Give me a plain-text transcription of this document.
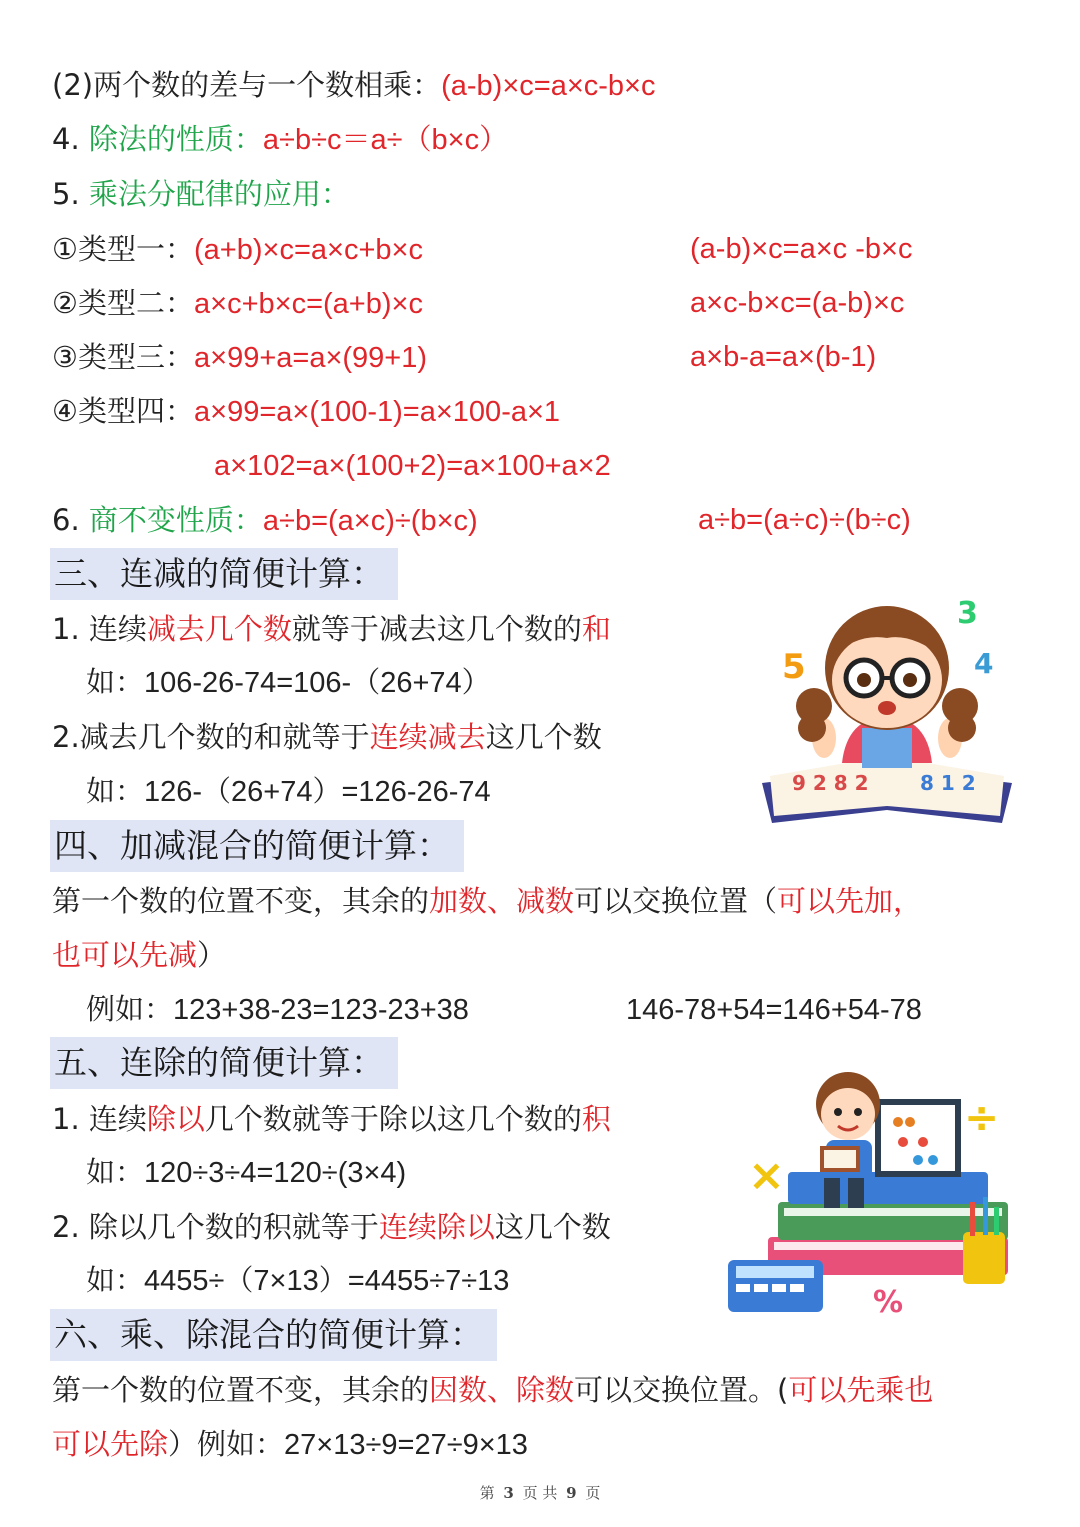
(2)两个数的差与一个数相乘：(a-b)×c=a×c-b×c
4. 除法的性质：a÷b÷c＝a÷（b×c）
5. 乘法分配律的应用：
①类型一：(a+b)×c=a×c+b×c	(a-b)×c=a×c -b×c
②类型二：a×c+b×c=(a+b)×c	a×c-b×c=(a-b)×c
③类型三：a×99+a=a×(99+1)	a×b-a=a×(b-1)
④类型四：a×99=a×(100-1)=a×100-a×1
a×102=a×(100+2)=a×100+a×2
6. 商不变性质：a÷b=(a×c)÷(b×c)	a÷b=(a÷c)÷(b÷c)
三、连减的简便计算：
1. 连续减去几个数就等于减去这几个数的和
如：106-26-74=106-（26+74）
2.减去几个数的和就等于连续减去这几个数
如：126-（26+74）=126-26-74	9 2 8 2	8 1 2
5
3
4
四、加减混合的简便计算：
第一个数的位置不变，其余的加数、减数可以交换位置（可以先加，
也可以先减）
例如：123+38-23=123-23+38	146-78+54=146+54-78
五、连除的简便计算：
1. 连续除以几个数就等于除以这几个数的积
如：120÷3÷4=120÷(3×4)
2. 除以几个数的积就等于连续除以这几个数
如：4455÷（7×13）=4455÷7÷13
×
÷
%
六、乘、除混合的简便计算：
第一个数的位置不变，其余的因数、除数可以交换位置。(可以先乘也
可以先除）例如：27×13÷9=27÷9×13
第 3 页 共 9 页
